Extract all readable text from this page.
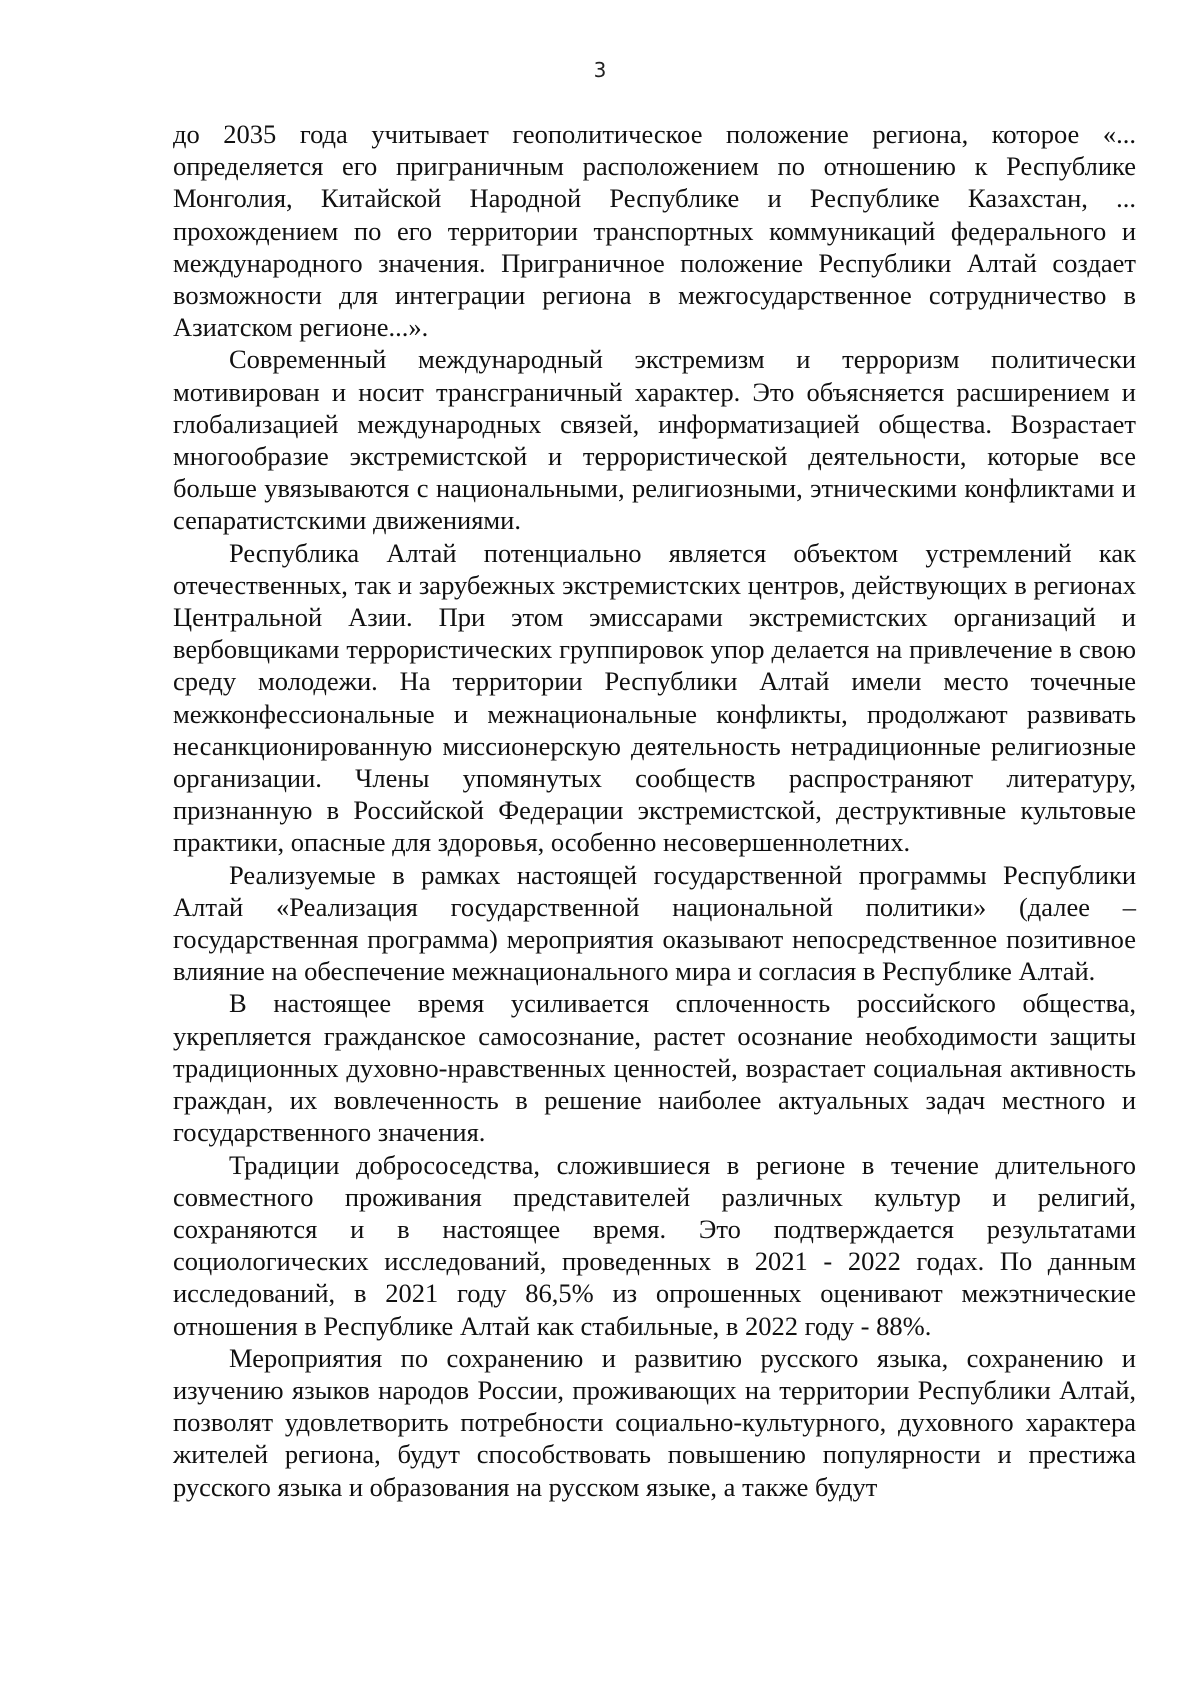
3

до 2035 года учитывает геополитическое положение региона, которое «... определяется его приграничным расположением по отношению к Республике Монголия, Китайской Народной Республике и Республике Казахстан, ... прохождением по его территории транспортных коммуникаций федерального и международного значения. Приграничное положение Республики Алтай создает возможности для интеграции региона в межгосударственное сотрудничество в Азиатском регионе...».

Современный международный экстремизм и терроризм политически мотивирован и носит трансграничный характер. Это объясняется расширением и глобализацией международных связей, информатизацией общества. Возрастает многообразие экстремистской и террористической деятельности, которые все больше увязываются с национальными, религиозными, этническими конфликтами и сепаратистскими движениями.

Республика Алтай потенциально является объектом устремлений как отечественных, так и зарубежных экстремистских центров, действующих в регионах Центральной Азии. При этом эмиссарами экстремистских организаций и вербовщиками террористических группировок упор делается на привлечение в свою среду молодежи. На территории Республики Алтай имели место точечные межконфессиональные и межнациональные конфликты, продолжают развивать несанкционированную миссионерскую деятельность нетрадиционные религиозные организации. Члены упомянутых сообществ распространяют литературу, признанную в Российской Федерации экстремистской, деструктивные культовые практики, опасные для здоровья, особенно несовершеннолетних.

Реализуемые в рамках настоящей государственной программы Республики Алтай «Реализация государственной национальной политики» (далее – государственная программа) мероприятия оказывают непосредственное позитивное влияние на обеспечение межнационального мира и согласия в Республике Алтай.

В настоящее время усиливается сплоченность российского общества, укрепляется гражданское самосознание, растет осознание необходимости защиты традиционных духовно-нравственных ценностей, возрастает социальная активность граждан, их вовлеченность в решение наиболее актуальных задач местного и государственного значения.

Традиции добрососедства, сложившиеся в регионе в течение длительного совместного проживания представителей различных культур и религий, сохраняются и в настоящее время. Это подтверждается результатами социологических исследований, проведенных в 2021 - 2022 годах. По данным исследований, в 2021 году 86,5% из опрошенных оценивают межэтнические отношения в Республике Алтай как стабильные, в 2022 году - 88%.

Мероприятия по сохранению и развитию русского языка, сохранению и изучению языков народов России, проживающих на территории Республики Алтай, позволят удовлетворить потребности социально-культурного, духовного характера жителей региона, будут способствовать повышению популярности и престижа русского языка и образования на русском языке, а также будут
